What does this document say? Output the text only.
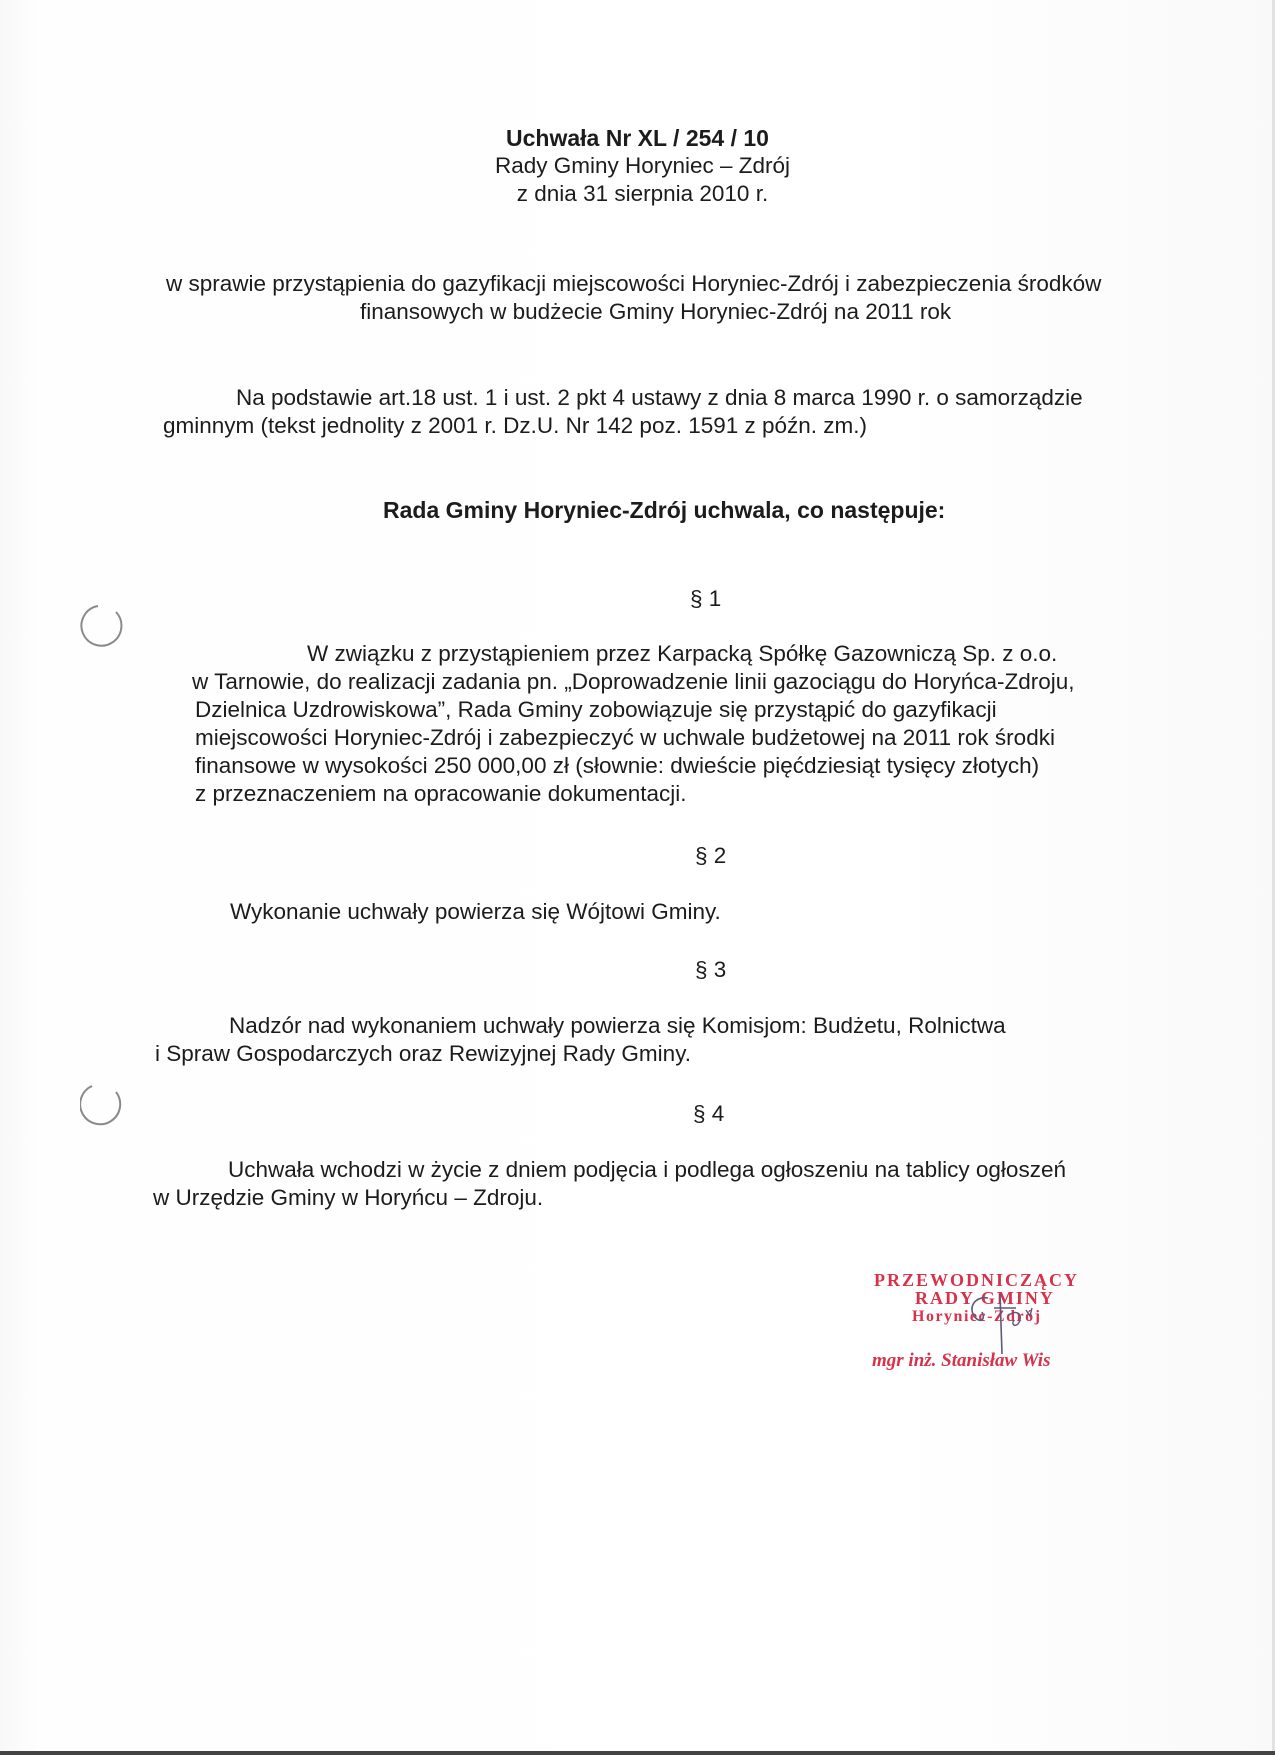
Uchwała Nr XL / 254 / 10
Rady Gminy Horyniec – Zdrój
z dnia 31 sierpnia 2010 r.
w sprawie przystąpienia do gazyfikacji miejscowości Horyniec-Zdrój i zabezpieczenia środków
finansowych w budżecie Gminy Horyniec-Zdrój na 2011 rok
Na podstawie art.18 ust. 1 i ust. 2 pkt 4 ustawy z dnia 8 marca 1990 r. o samorządzie
gminnym (tekst jednolity z 2001 r. Dz.U. Nr 142 poz. 1591 z późn. zm.)
Rada Gminy Horyniec-Zdrój uchwala, co następuje:
§ 1
W związku z przystąpieniem przez Karpacką Spółkę Gazowniczą Sp. z o.o.
w Tarnowie, do realizacji zadania pn. „Doprowadzenie linii gazociągu do Horyńca-Zdroju,
Dzielnica Uzdrowiskowa”, Rada Gminy zobowiązuje się przystąpić do gazyfikacji
miejscowości Horyniec-Zdrój i zabezpieczyć w uchwale budżetowej na 2011 rok środki
finansowe w wysokości 250 000,00 zł (słownie: dwieście pięćdziesiąt tysięcy złotych)
z przeznaczeniem na opracowanie dokumentacji.
§ 2
Wykonanie uchwały powierza się Wójtowi Gminy.
§ 3
Nadzór nad wykonaniem uchwały powierza się Komisjom: Budżetu, Rolnictwa
i Spraw Gospodarczych oraz Rewizyjnej Rady Gminy.
§ 4
Uchwała wchodzi w życie z dniem podjęcia i podlega ogłoszeniu na tablicy ogłoszeń
w Urzędzie Gminy w Horyńcu – Zdroju.
PRZEWODNICZĄCY
RADY GMINY
Horyniec-Zdrój
mgr inż. Stanisław Wis
